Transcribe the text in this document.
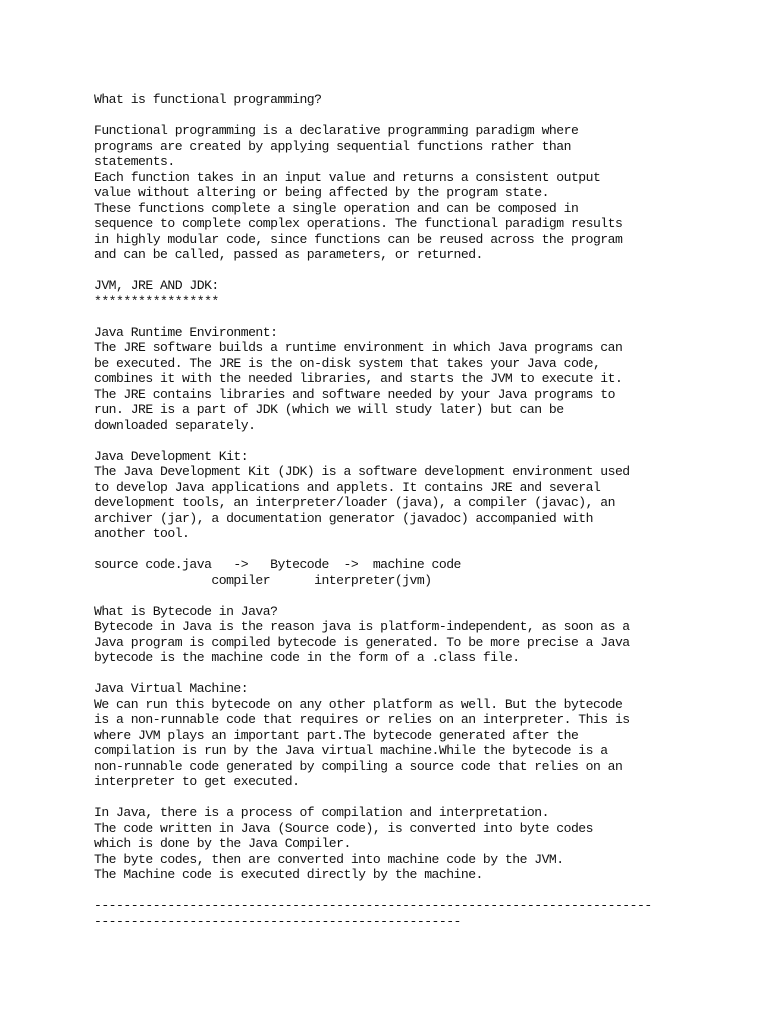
What is functional programming?

Functional programming is a declarative programming paradigm where
programs are created by applying sequential functions rather than
statements.
Each function takes in an input value and returns a consistent output
value without altering or being affected by the program state.
These functions complete a single operation and can be composed in
sequence to complete complex operations. The functional paradigm results
in highly modular code, since functions can be reused across the program
and can be called, passed as parameters, or returned.

JVM, JRE AND JDK:
*****************

Java Runtime Environment:
The JRE software builds a runtime environment in which Java programs can
be executed. The JRE is the on-disk system that takes your Java code,
combines it with the needed libraries, and starts the JVM to execute it.
The JRE contains libraries and software needed by your Java programs to
run. JRE is a part of JDK (which we will study later) but can be
downloaded separately.

Java Development Kit:
The Java Development Kit (JDK) is a software development environment used
to develop Java applications and applets. It contains JRE and several
development tools, an interpreter/loader (java), a compiler (javac), an
archiver (jar), a documentation generator (javadoc) accompanied with
another tool.

source code.java   ->   Bytecode  ->  machine code
compiler      interpreter(jvm)

What is Bytecode in Java?
Bytecode in Java is the reason java is platform-independent, as soon as a
Java program is compiled bytecode is generated. To be more precise a Java
bytecode is the machine code in the form of a .class file.

Java Virtual Machine:
We can run this bytecode on any other platform as well. But the bytecode
is a non-runnable code that requires or relies on an interpreter. This is
where JVM plays an important part.The bytecode generated after the
compilation is run by the Java virtual machine.While the bytecode is a
non-runnable code generated by compiling a source code that relies on an
interpreter to get executed.

In Java, there is a process of compilation and interpretation.
The code written in Java (Source code), is converted into byte codes
which is done by the Java Compiler.
The byte codes, then are converted into machine code by the JVM.
The Machine code is executed directly by the machine.

----------------------------------------------------------------------------
--------------------------------------------------
